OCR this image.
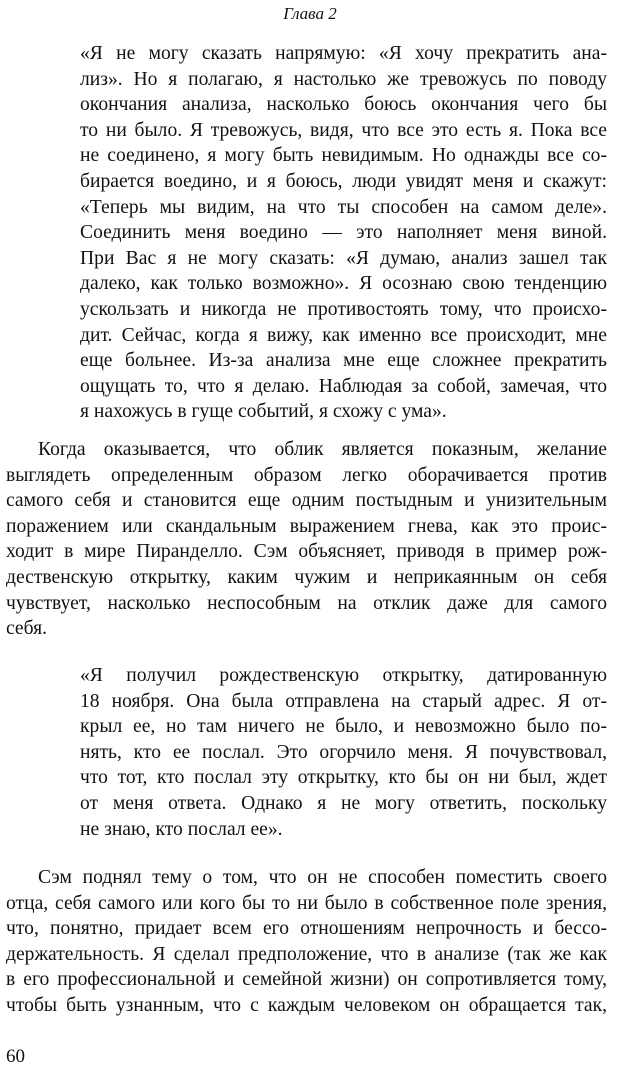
Глава 2
«Я не могу сказать напрямую: «Я хочу прекратить ана-
лиз». Но я полагаю, я настолько же тревожусь по поводу
окончания анализа, насколько боюсь окончания чего бы
то ни было. Я тревожусь, видя, что все это есть я. Пока все
не соединено, я могу быть невидимым. Но однажды все со-
бирается воедино, и я боюсь, люди увидят меня и скажут:
«Теперь мы видим, на что ты способен на самом деле».
Соединить меня воедино — это наполняет меня виной.
При Вас я не могу сказать: «Я думаю, анализ зашел так
далеко, как только возможно». Я осознаю свою тенденцию
ускользать и никогда не противостоять тому, что происхо-
дит. Сейчас, когда я вижу, как именно все происходит, мне
еще больнее. Из-за анализа мне еще сложнее прекратить
ощущать то, что я делаю. Наблюдая за собой, замечая, что
я нахожусь в гуще событий, я схожу с ума».
Когда оказывается, что облик является показным, желание
выглядеть определенным образом легко оборачивается против
самого себя и становится еще одним постыдным и унизительным
поражением или скандальным выражением гнева, как это проис-
ходит в мире Пиранделло. Сэм объясняет, приводя в пример рож-
дественскую открытку, каким чужим и неприкаянным он себя
чувствует, насколько неспособным на отклик даже для самого
себя.
«Я получил рождественскую открытку, датированную
18 ноября. Она была отправлена на старый адрес. Я от-
крыл ее, но там ничего не было, и невозможно было по-
нять, кто ее послал. Это огорчило меня. Я почувствовал,
что тот, кто послал эту открытку, кто бы он ни был, ждет
от меня ответа. Однако я не могу ответить, поскольку
не знаю, кто послал ее».
Сэм поднял тему о том, что он не способен поместить своего
отца, себя самого или кого бы то ни было в собственное поле зрения,
что, понятно, придает всем его отношениям непрочность и бессо-
держательность. Я сделал предположение, что в анализе (так же как
в его профессиональной и семейной жизни) он сопротивляется тому,
чтобы быть узнанным, что с каждым человеком он обращается так,
60
